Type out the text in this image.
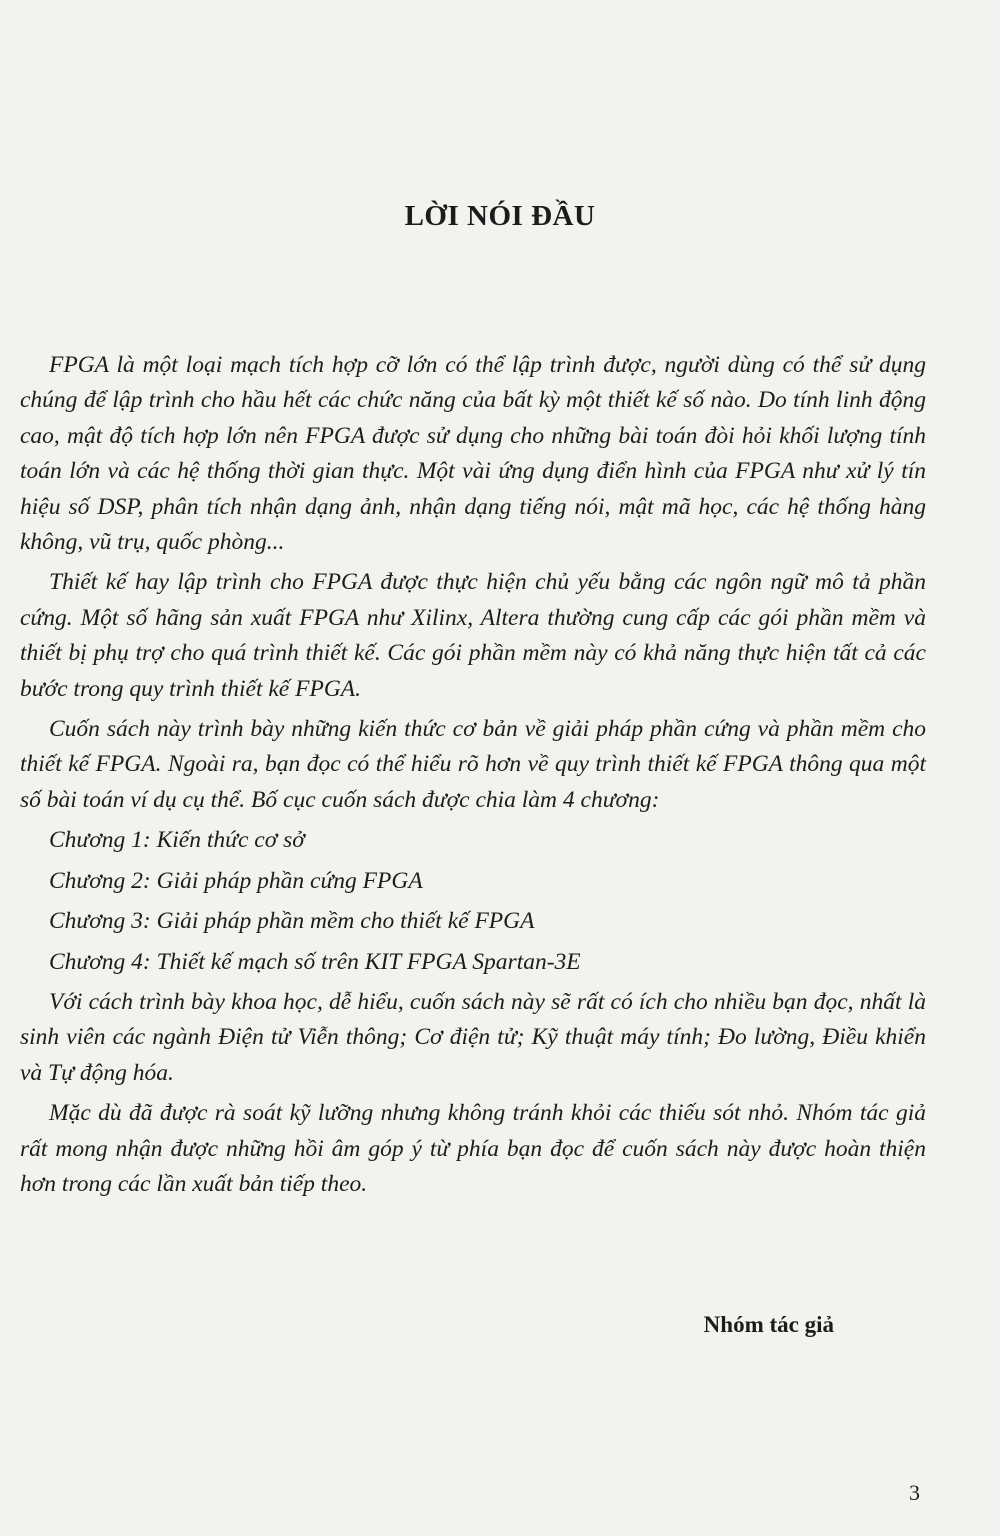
LỜI NÓI ĐẦU

FPGA là một loại mạch tích hợp cỡ lớn có thể lập trình được, người dùng có thể sử dụng chúng để lập trình cho hầu hết các chức năng của bất kỳ một thiết kế số nào. Do tính linh động cao, mật độ tích hợp lớn nên FPGA được sử dụng cho những bài toán đòi hỏi khối lượng tính toán lớn và các hệ thống thời gian thực. Một vài ứng dụng điển hình của FPGA như xử lý tín hiệu số DSP, phân tích nhận dạng ảnh, nhận dạng tiếng nói, mật mã học, các hệ thống hàng không, vũ trụ, quốc phòng...

Thiết kế hay lập trình cho FPGA được thực hiện chủ yếu bằng các ngôn ngữ mô tả phần cứng. Một số hãng sản xuất FPGA như Xilinx, Altera thường cung cấp các gói phần mềm và thiết bị phụ trợ cho quá trình thiết kế. Các gói phần mềm này có khả năng thực hiện tất cả các bước trong quy trình thiết kế FPGA.

Cuốn sách này trình bày những kiến thức cơ bản về giải pháp phần cứng và phần mềm cho thiết kế FPGA. Ngoài ra, bạn đọc có thể hiểu rõ hơn về quy trình thiết kế FPGA thông qua một số bài toán ví dụ cụ thể. Bố cục cuốn sách được chia làm 4 chương:

Chương 1: Kiến thức cơ sở

Chương 2: Giải pháp phần cứng FPGA

Chương 3: Giải pháp phần mềm cho thiết kế FPGA

Chương 4: Thiết kế mạch số trên KIT FPGA Spartan-3E

Với cách trình bày khoa học, dễ hiểu, cuốn sách này sẽ rất có ích cho nhiều bạn đọc, nhất là sinh viên các ngành Điện tử Viễn thông; Cơ điện tử; Kỹ thuật máy tính; Đo lường, Điều khiển và Tự động hóa.

Mặc dù đã được rà soát kỹ lưỡng nhưng không tránh khỏi các thiếu sót nhỏ. Nhóm tác giả rất mong nhận được những hồi âm góp ý từ phía bạn đọc để cuốn sách này được hoàn thiện hơn trong các lần xuất bản tiếp theo.

Nhóm tác giả
3
